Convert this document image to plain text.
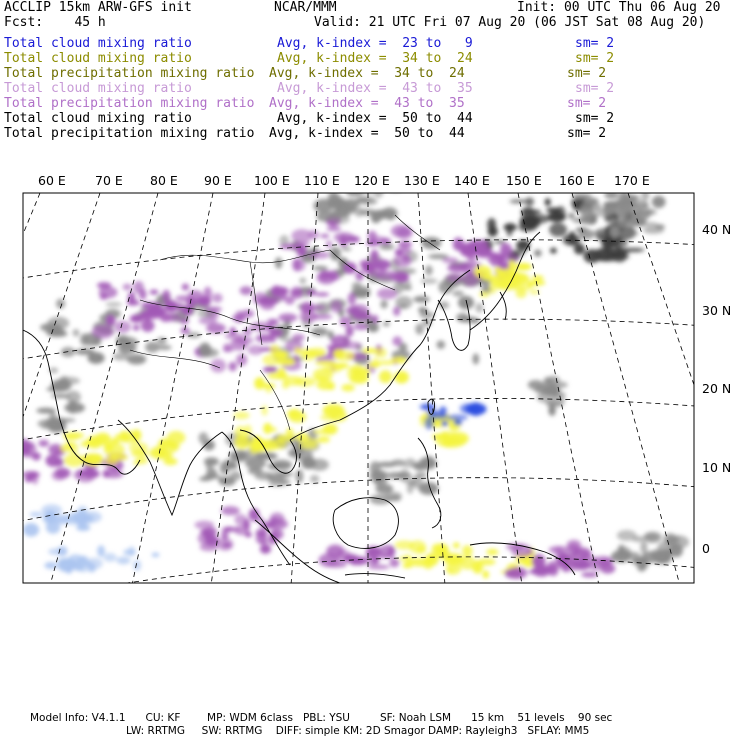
ACCLIP 15km ARW-GFS init	NCAR/MMM	Init: 00 UTC Thu 06 Aug 20
Fcst:    45 h	Valid: 21 UTC Fri 07 Aug 20 (06 JST Sat 08 Aug 20)
Total cloud mixing ratio	Avg, k-index =  23 to   9	sm= 2
Total cloud mixing ratio	Avg, k-index =  34 to  24	sm= 2
Total precipitation mixing ratio Avg, k-index =  34 to  24	sm= 2
Total cloud mixing ratio	Avg, k-index =  43 to  35	sm= 2
Total precipitation mixing ratio Avg, k-index =  43 to  35	sm= 2
Total cloud mixing ratio	Avg, k-index =  50 to  44	sm= 2
Total precipitation mixing ratio Avg, k-index =  50 to  44	sm= 2
60 E 70 E 80 E 90 E 100 E 110 E 120 E 130 E 140 E 150 E 160 E 170 E
40 N
30 N
20 N
10 N
0
Model Info: V4.1.1      CU: KF        MP: WDM 6class   PBL: YSU         SF: Noah LSM      15 km    51 levels    90 sec
LW: RRTMG     SW: RRTMG    DIFF: simple KM: 2D Smagor DAMP: Rayleigh3   SFLAY: MM5
